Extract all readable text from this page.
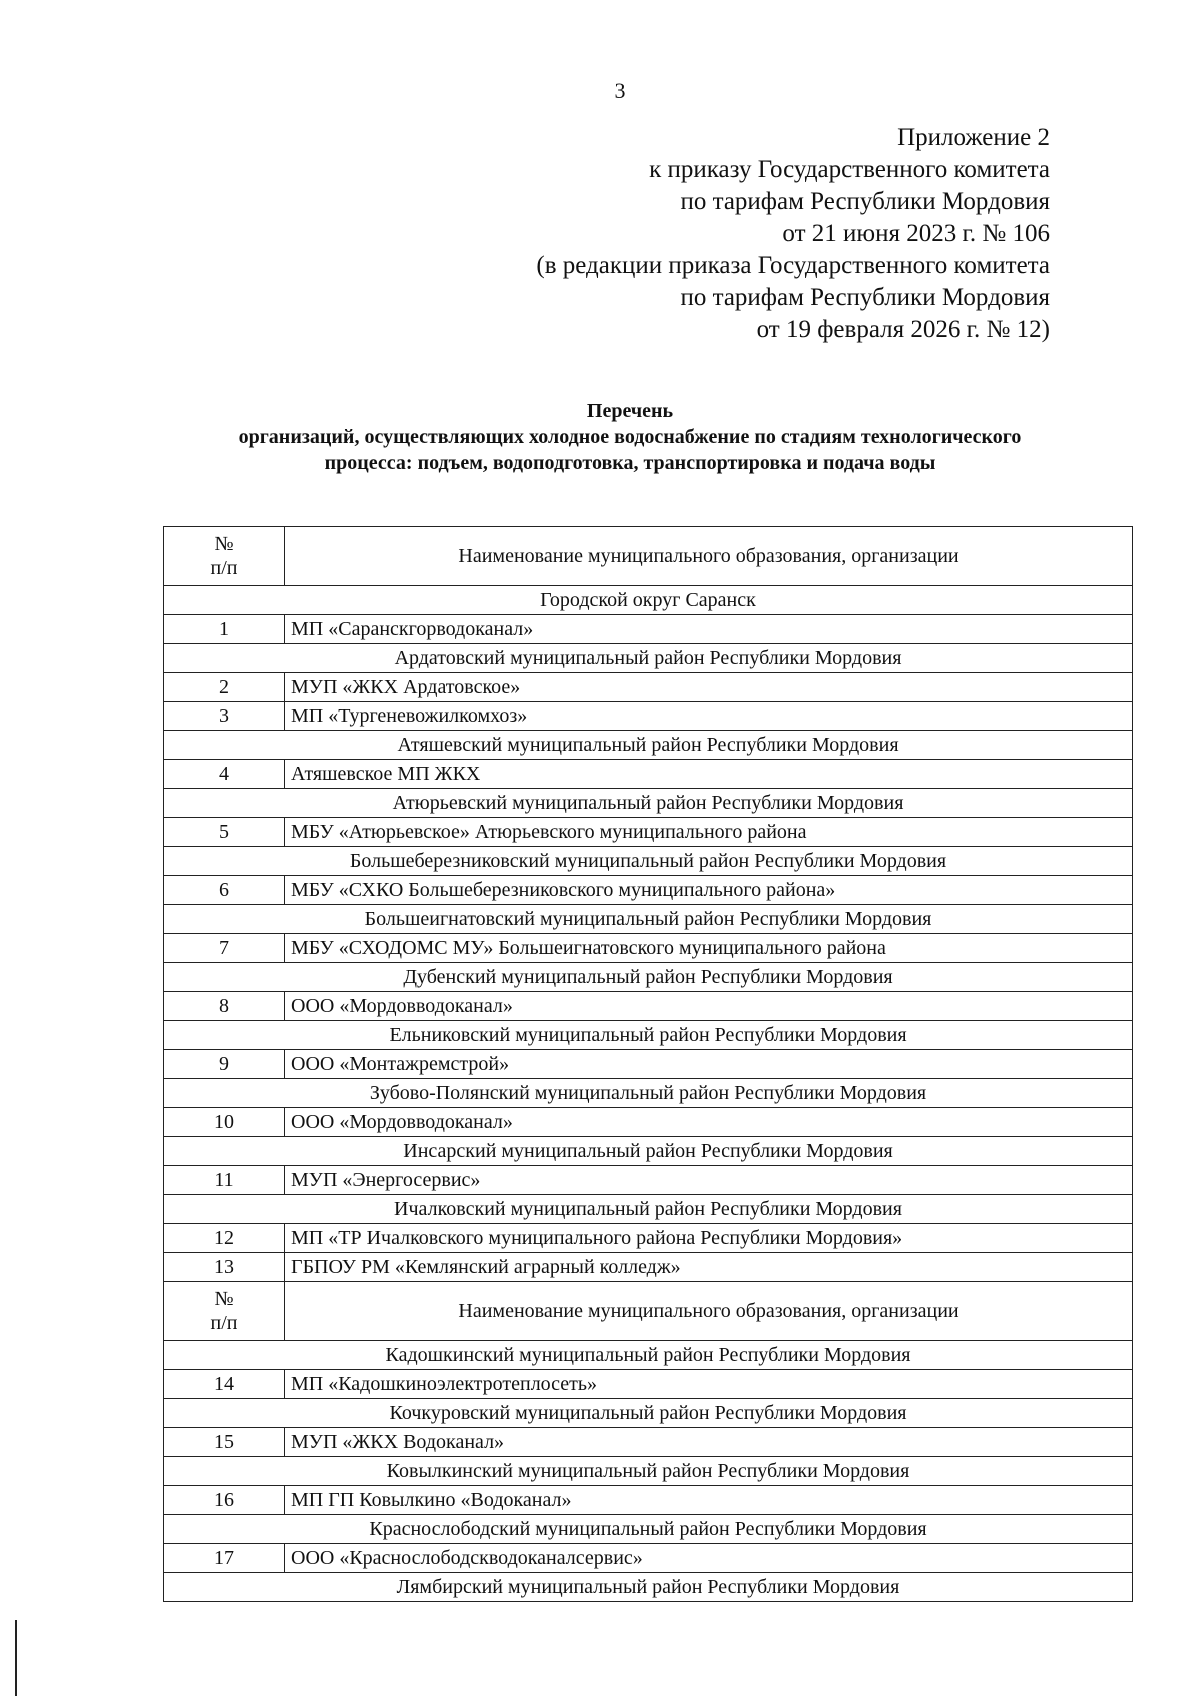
3
Приложение 2
к приказу Государственного комитета
по тарифам Республики Мордовия
от 21 июня 2023 г. № 106
(в редакции приказа Государственного комитета
по тарифам Республики Мордовия
от 19 февраля 2026 г. № 12)
Перечень
организаций, осуществляющих холодное водоснабжение по стадиям технологического
процесса: подъем, водоподготовка, транспортировка и подача воды
№
п/п	Наименование муниципального образования, организации
Городской округ Саранск	
1	МП «Саранскгорводоканал»
Ардатовский муниципальный район Республики Мордовия	
2	МУП «ЖКХ Ардатовское»
3	МП «Тургеневожилкомхоз»
Атяшевский муниципальный район Республики Мордовия	
4	Атяшевское МП ЖКХ
Атюрьевский муниципальный район Республики Мордовия	
5	МБУ «Атюрьевское» Атюрьевского муниципального района
Большеберезниковский муниципальный район Республики Мордовия	
6	МБУ «СХКО Большеберезниковского муниципального района»
Большеигнатовский муниципальный район Республики Мордовия	
7	МБУ «СХОДОМС МУ» Большеигнатовского муниципального района
Дубенский муниципальный район Республики Мордовия	
8	ООО «Мордовводоканал»
Ельниковский муниципальный район Республики Мордовия	
9	ООО «Монтажремстрой»
Зубово-Полянский муниципальный район Республики Мордовия	
10	ООО «Мордовводоканал»
Инсарский муниципальный район Республики Мордовия	
11	МУП «Энергосервис»
Ичалковский муниципальный район Республики Мордовия	
12	МП «ТР Ичалковского муниципального района Республики Мордовия»
13	ГБПОУ РМ «Кемлянский аграрный колледж»

№
п/п	Наименование муниципального образования, организации
Кадошкинский муниципальный район Республики Мордовия	
14	МП «Кадошкиноэлектротеплосеть»
Кочкуровский муниципальный район Республики Мордовия	
15	МУП «ЖКХ Водоканал»
Ковылкинский муниципальный район Республики Мордовия	
16	МП ГП Ковылкино «Водоканал»
Краснослободский муниципальный район Республики Мордовия	
17	ООО «Краснослободскводоканалсервис»
Лямбирский муниципальный район Республики Мордовия	
